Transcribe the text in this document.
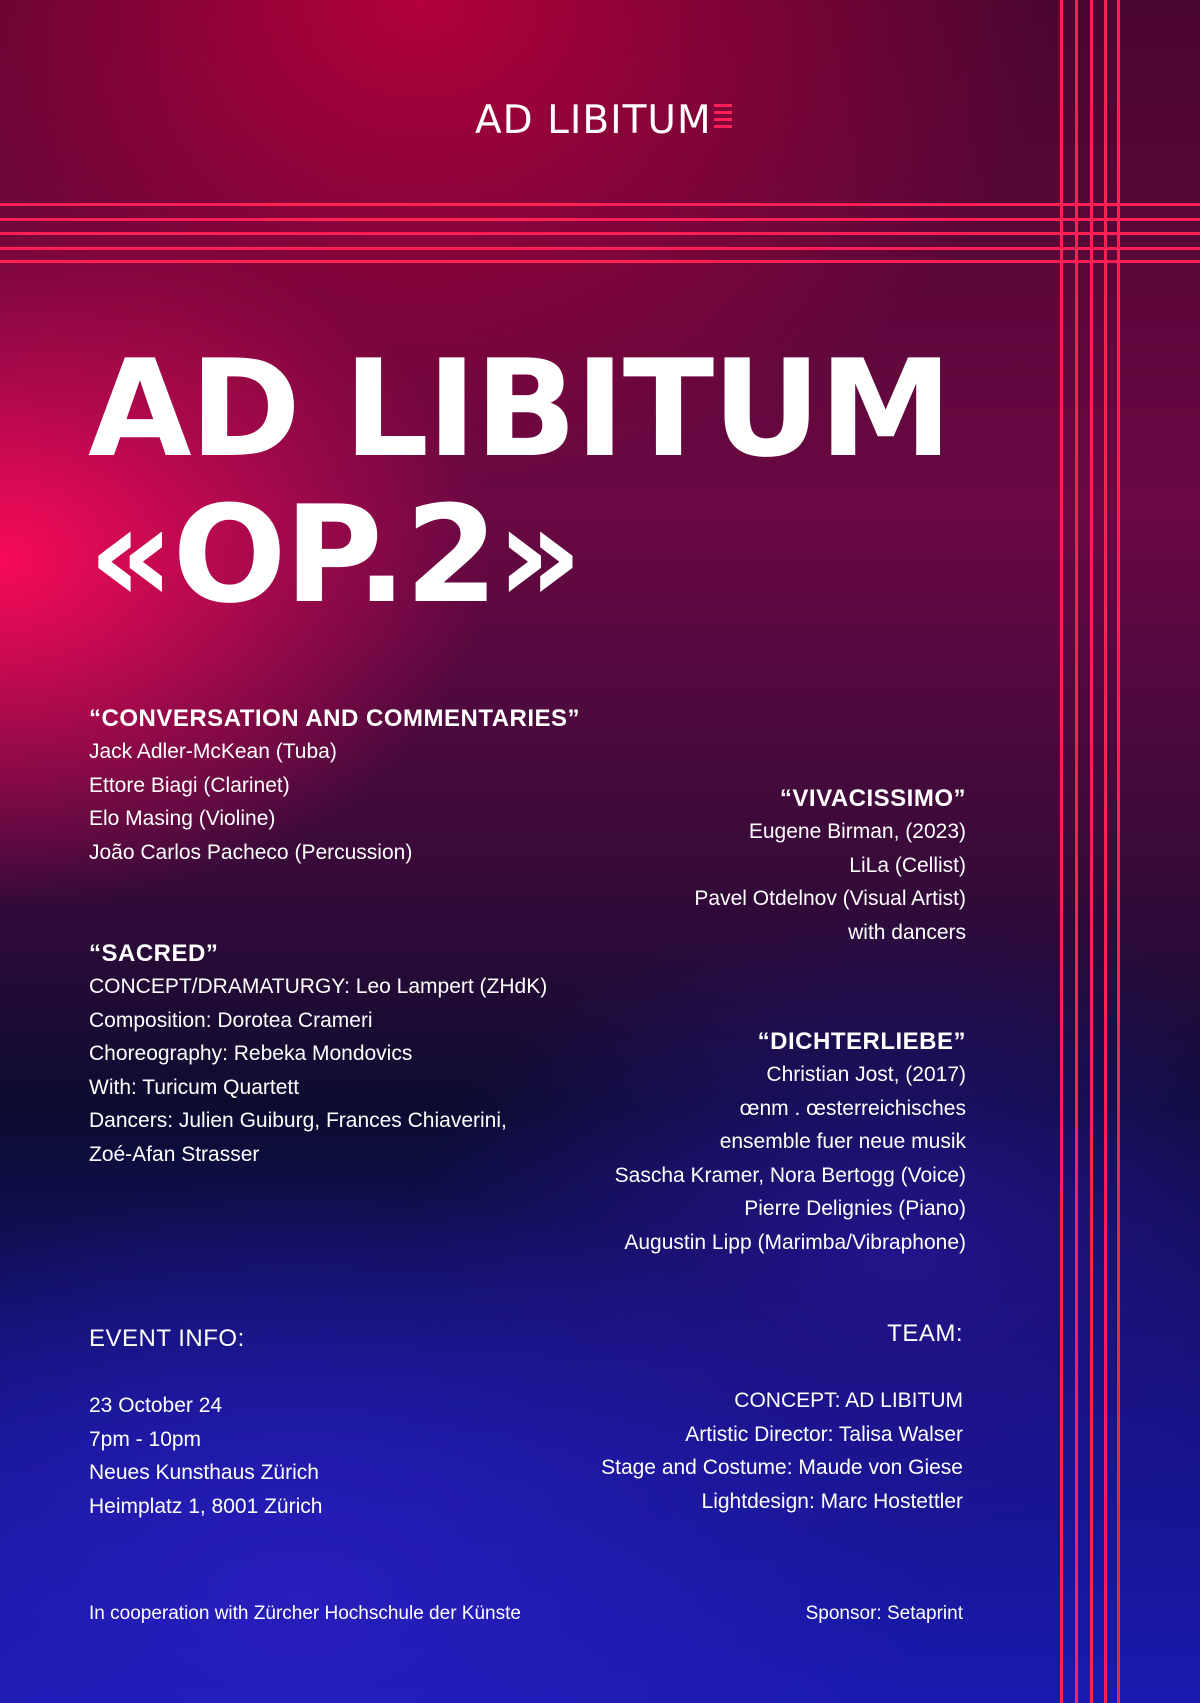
AD LIBITUM
AD LIBITUM
«OP.2»
“CONVERSATION AND COMMENTARIES”
Jack Adler-McKean (Tuba)
Ettore Biagi (Clarinet)
Elo Masing (Violine)
João Carlos Pacheco (Percussion)
“VIVACISSIMO”
Eugene Birman, (2023)
LiLa (Cellist)
Pavel Otdelnov (Visual Artist)
with dancers
“SACRED”
CONCEPT/DRAMATURGY: Leo Lampert (ZHdK)
Composition: Dorotea Crameri
Choreography: Rebeka Mondovics
With: Turicum Quartett
Dancers: Julien Guiburg, Frances Chiaverini,
Zoé-Afan Strasser
“DICHTERLIEBE”
Christian Jost, (2017)
œnm . œsterreichisches
ensemble fuer neue musik
Sascha Kramer, Nora Bertogg (Voice)
Pierre Delignies (Piano)
Augustin Lipp (Marimba/Vibraphone)
EVENT INFO:
23 October 24
7pm - 10pm
Neues Kunsthaus Zürich
Heimplatz 1, 8001 Zürich
TEAM:
CONCEPT: AD LIBITUM
Artistic Director: Talisa Walser
Stage and Costume: Maude von Giese
Lightdesign: Marc Hostettler
In cooperation with Zürcher Hochschule der Künste	Sponsor: Setaprint
